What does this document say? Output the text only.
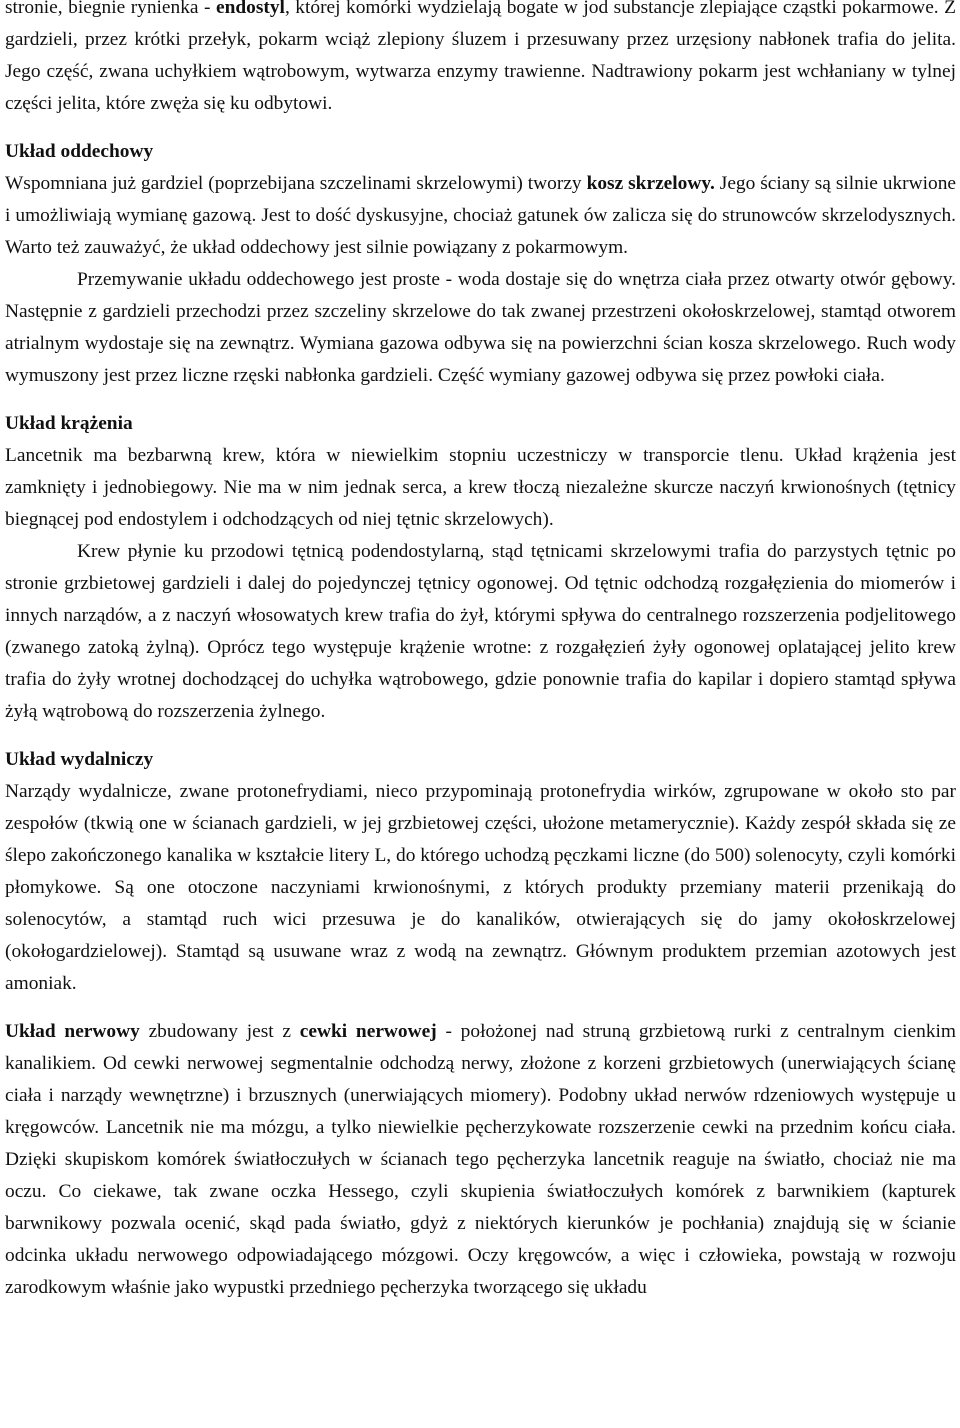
stronie, biegnie rynienka - endostyl, której komórki wydzielają bogate w jod substancje zlepiające cząstki pokarmowe. Z gardzieli, przez krótki przełyk, pokarm wciąż zlepiony śluzem i przesuwany przez urzęsiony nabłonek trafia do jelita. Jego część, zwana uchyłkiem wątrobowym, wytwarza enzymy trawienne. Nadtrawiony pokarm jest wchłaniany w tylnej części jelita, które zwęża się ku odbytowi.

Układ oddechowy

Wspomniana już gardziel (poprzebijana szczelinami skrzelowymi) tworzy kosz skrzelowy. Jego ściany są silnie ukrwione i umożliwiają wymianę gazową. Jest to dość dyskusyjne, chociaż gatunek ów zalicza się do strunowców skrzelodysznych. Warto też zauważyć, że układ oddechowy jest silnie powiązany z pokarmowym.

Przemywanie układu oddechowego jest proste - woda dostaje się do wnętrza ciała przez otwarty otwór gębowy. Następnie z gardzieli przechodzi przez szczeliny skrzelowe do tak zwanej przestrzeni okołoskrzelowej, stamtąd otworem atrialnym wydostaje się na zewnątrz. Wymiana gazowa odbywa się na powierzchni ścian kosza skrzelowego. Ruch wody wymuszony jest przez liczne rzęski nabłonka gardzieli. Część wymiany gazowej odbywa się przez powłoki ciała.

Układ krążenia

Lancetnik ma bezbarwną krew, która w niewielkim stopniu uczestniczy w transporcie tlenu. Układ krążenia jest zamknięty i jednobiegowy. Nie ma w nim jednak serca, a krew tłoczą niezależne skurcze naczyń krwionośnych (tętnicy biegnącej pod endostylem i odchodzących od niej tętnic skrzelowych).

Krew płynie ku przodowi tętnicą podendostylarną, stąd tętnicami skrzelowymi trafia do parzystych tętnic po stronie grzbietowej gardzieli i dalej do pojedynczej tętnicy ogonowej. Od tętnic odchodzą rozgałęzienia do miomerów i innych narządów, a z naczyń włosowatych krew trafia do żył, którymi spływa do centralnego rozszerzenia podjelitowego (zwanego zatoką żylną). Oprócz tego występuje krążenie wrotne: z rozgałęzień żyły ogonowej oplatającej jelito krew trafia do żyły wrotnej dochodzącej do uchyłka wątrobowego, gdzie ponownie trafia do kapilar i dopiero stamtąd spływa żyłą wątrobową do rozszerzenia żylnego.

Układ wydalniczy

Narządy wydalnicze, zwane protonefrydiami, nieco przypominają protonefrydia wirków, zgrupowane w około sto par zespołów (tkwią one w ścianach gardzieli, w jej grzbietowej części, ułożone metamerycznie). Każdy zespół składa się ze ślepo zakończonego kanalika w kształcie litery L, do którego uchodzą pęczkami liczne (do 500) solenocyty, czyli komórki płomykowe. Są one otoczone naczyniami krwionośnymi, z których produkty przemiany materii przenikają do solenocytów, a stamtąd ruch wici przesuwa je do kanalików, otwierających się do jamy okołoskrzelowej (okołogardzielowej). Stamtąd są usuwane wraz z wodą na zewnątrz. Głównym produktem przemian azotowych jest amoniak.

Układ nerwowy zbudowany jest z cewki nerwowej - położonej nad struną grzbietową rurki z centralnym cienkim kanalikiem. Od cewki nerwowej segmentalnie odchodzą nerwy, złożone z korzeni grzbietowych (unerwiających ścianę ciała i narządy wewnętrzne) i brzusznych (unerwiających miomery). Podobny układ nerwów rdzeniowych występuje u kręgowców. Lancetnik nie ma mózgu, a tylko niewielkie pęcherzykowate rozszerzenie cewki na przednim końcu ciała. Dzięki skupiskom komórek światłoczułych w ścianach tego pęcherzyka lancetnik reaguje na światło, chociaż nie ma oczu. Co ciekawe, tak zwane oczka Hessego, czyli skupienia światłoczułych komórek z barwnikiem (kapturek barwnikowy pozwala ocenić, skąd pada światło, gdyż z niektórych kierunków je pochłania) znajdują się w ścianie odcinka układu nerwowego odpowiadającego mózgowi. Oczy kręgowców, a więc i człowieka, powstają w rozwoju zarodkowym właśnie jako wypustki przedniego pęcherzyka tworzącego się układu
